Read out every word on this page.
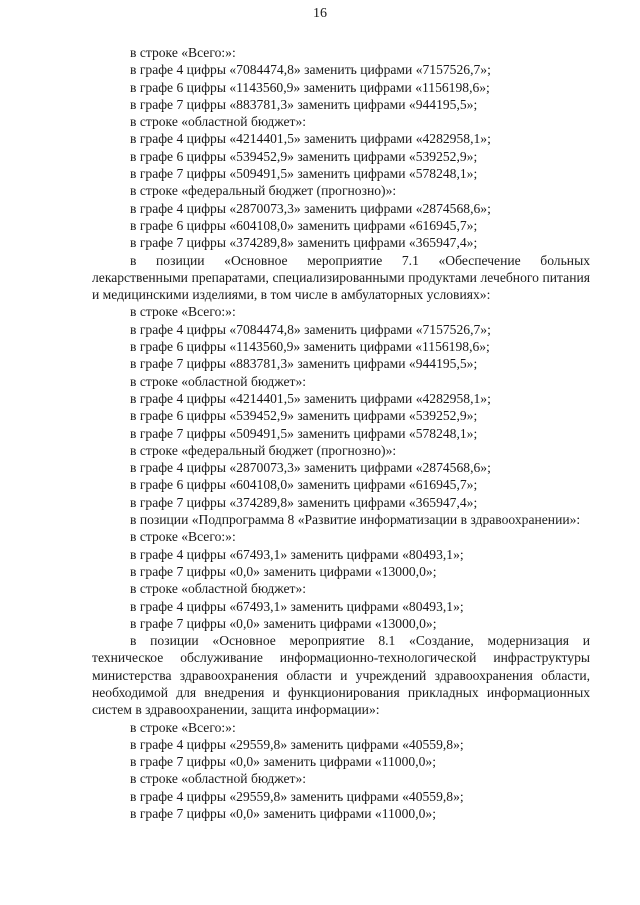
16
в строке «Всего:»:
в графе 4 цифры «7084474,8» заменить цифрами «7157526,7»;
в графе 6 цифры «1143560,9» заменить цифрами «1156198,6»;
в графе 7 цифры «883781,3» заменить цифрами «944195,5»;
в строке «областной бюджет»:
в графе 4 цифры «4214401,5» заменить цифрами «4282958,1»;
в графе 6 цифры «539452,9» заменить цифрами «539252,9»;
в графе 7 цифры «509491,5» заменить цифрами «578248,1»;
в строке «федеральный бюджет (прогнозно)»:
в графе 4 цифры «2870073,3» заменить цифрами «2874568,6»;
в графе 6 цифры «604108,0» заменить цифрами «616945,7»;
в графе 7 цифры «374289,8» заменить цифрами «365947,4»;
в позиции «Основное мероприятие 7.1 «Обеспечение больных лекарственными препаратами, специализированными продуктами лечебного питания и медицинскими изделиями, в том числе в амбулаторных условиях»:
в строке «Всего:»:
в графе 4 цифры «7084474,8» заменить цифрами «7157526,7»;
в графе 6 цифры «1143560,9» заменить цифрами «1156198,6»;
в графе 7 цифры «883781,3» заменить цифрами «944195,5»;
в строке «областной бюджет»:
в графе 4 цифры «4214401,5» заменить цифрами «4282958,1»;
в графе 6 цифры «539452,9» заменить цифрами «539252,9»;
в графе 7 цифры «509491,5» заменить цифрами «578248,1»;
в строке «федеральный бюджет (прогнозно)»:
в графе 4 цифры «2870073,3» заменить цифрами «2874568,6»;
в графе 6 цифры «604108,0» заменить цифрами «616945,7»;
в графе 7 цифры «374289,8» заменить цифрами «365947,4»;
в позиции «Подпрограмма 8 «Развитие информатизации в здравоохранении»:
в строке «Всего:»:
в графе 4 цифры «67493,1» заменить цифрами «80493,1»;
в графе 7 цифры «0,0» заменить цифрами «13000,0»;
в строке «областной бюджет»:
в графе 4 цифры «67493,1» заменить цифрами «80493,1»;
в графе 7 цифры «0,0» заменить цифрами «13000,0»;
в позиции «Основное мероприятие 8.1 «Создание, модернизация и техническое обслуживание информационно-технологической инфраструктуры министерства здравоохранения области и учреждений здравоохранения области, необходимой для внедрения и функционирования прикладных информационных систем в здравоохранении, защита информации»:
в строке «Всего:»:
в графе 4 цифры «29559,8» заменить цифрами «40559,8»;
в графе 7 цифры «0,0» заменить цифрами «11000,0»;
в строке «областной бюджет»:
в графе 4 цифры «29559,8» заменить цифрами «40559,8»;
в графе 7 цифры «0,0» заменить цифрами «11000,0»;
